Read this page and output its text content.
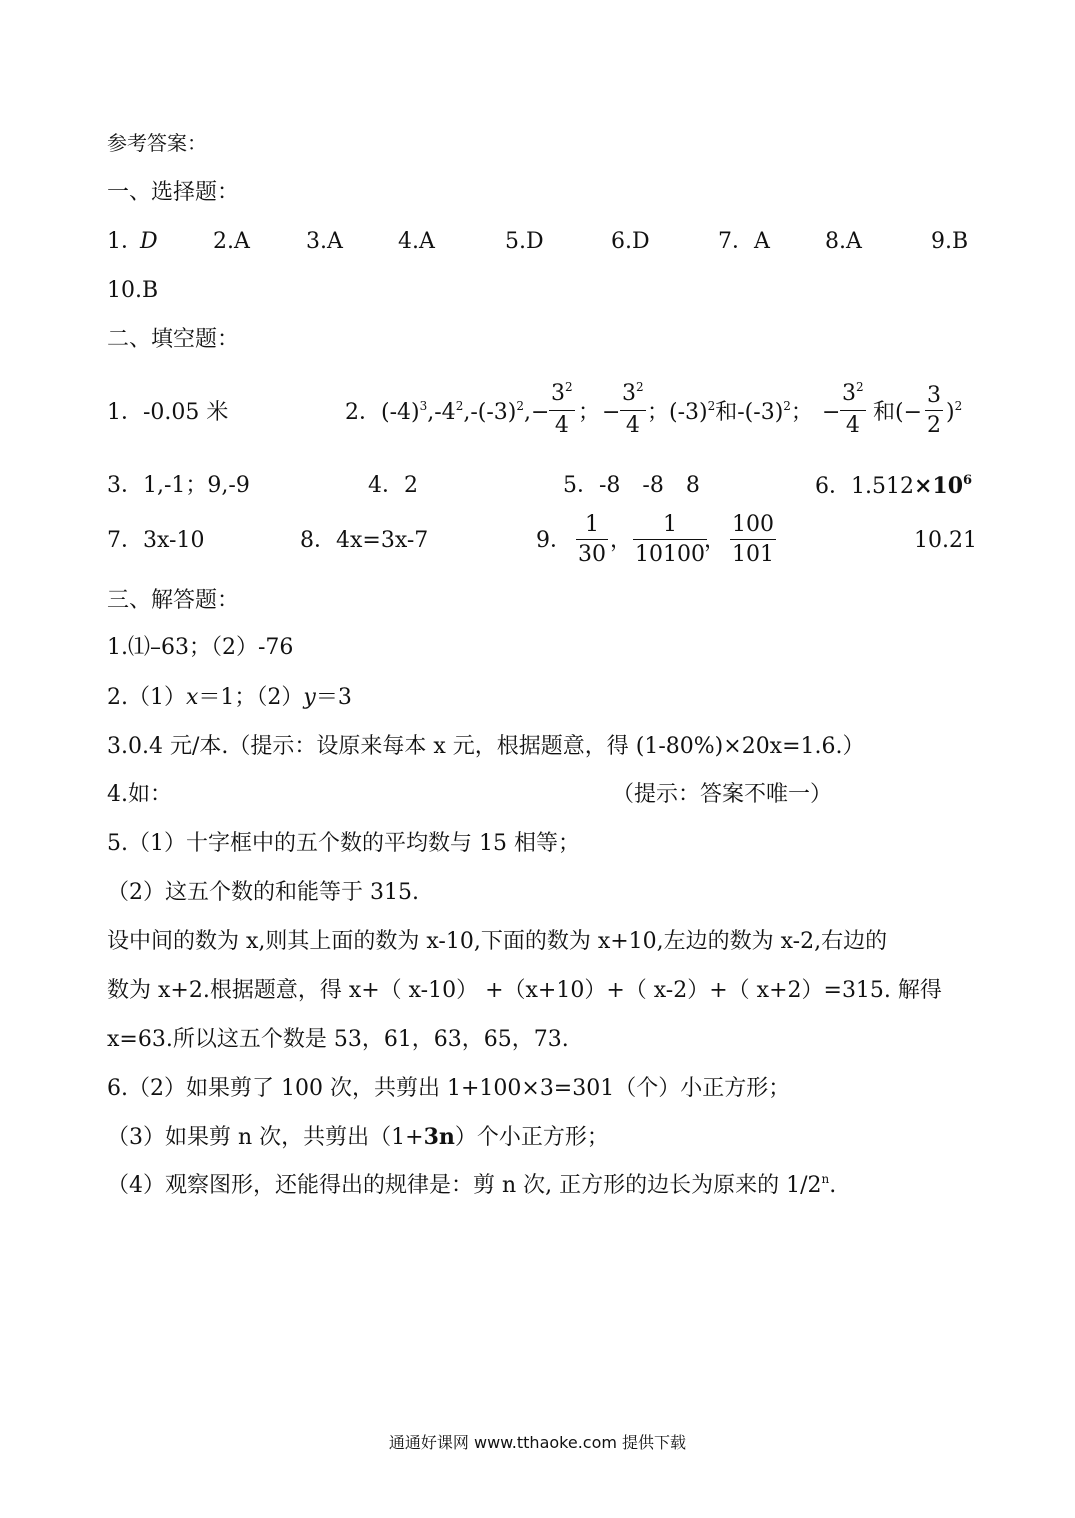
参考答案：
一、选择题：
1．
D	2.A	3.A	4.A	5.D	6.D	7．A	8.A	9.B
10.B
二、填空题：
1．-0.05 米	2．$(-4)^3,-4^2,-(-3)^2,-$
$3^2$
4
； −
$3^2$
4
；$(-3)^2$和$-(-3)^2$； −
$3^2$
4
和(−
3
2
)$^2$
3．1,-1；9,-9	4．2	5．-8　-8　8	6．$1.512\times 10^6$
7．3x-10	8．4x=3x-7	9．
1
30
，
1
10100
，
100
101
10.21
三、解答题：
1.⑴–63；（2）-76
2.（1）x＝1；（2）y＝3
3.0.4 元/本.（提示：设原来每本 x 元，根据题意，得 (1-80%)×20x=1.6.）
4.如：	（提示：答案不唯一）
5.（1）十字框中的五个数的平均数与 15 相等；
（2）这五个数的和能等于 315.
设中间的数为 x,则其上面的数为 x-10,下面的数为 x+10,左边的数为 x-2,右边的
数为 x+2.根据题意，得 x+（ x-10） +（x+10）+（ x-2）+（ x+2）=315. 解得
x=63.所以这五个数是 53，61，63，65，73.
6.（2）如果剪了 100 次，共剪出 1+100×3=301（个）小正方形；
（3）如果剪 n 次，共剪出（1+3n）个小正方形；
（4）观察图形，还能得出的规律是：剪 n 次, 正方形的边长为原来的 1/2$^n$.
通通好课网 www.tthaoke.com 提供下载
